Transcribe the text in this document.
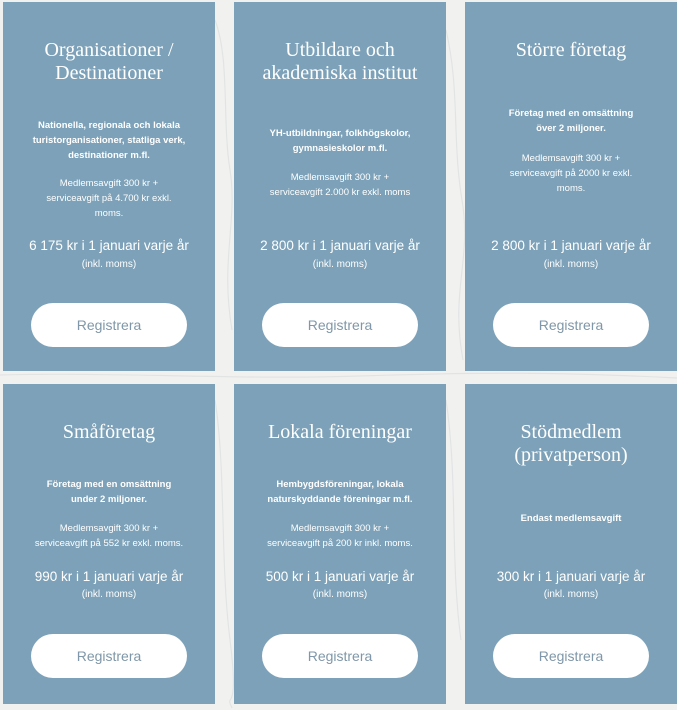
Organisationer /
Destinationer
Nationella, regionala och lokala
turistorganisationer, statliga verk,
destinationer m.fl.
Medlemsavgift 300 kr +
serviceavgift på 4.700 kr exkl.
moms.
6 175 kr i 1 januari varje år
(inkl. moms)
Registrera
Utbildare och
akademiska institut
YH-utbildningar, folkhögskolor,
gymnasieskolor m.fl.
Medlemsavgift 300 kr +
serviceavgift 2.000 kr exkl. moms
2 800 kr i 1 januari varje år
(inkl. moms)
Registrera
Större företag
Företag med en omsättning
över 2 miljoner.
Medlemsavgift 300 kr +
serviceavgift på 2000 kr exkl.
moms.
2 800 kr i 1 januari varje år
(inkl. moms)
Registrera
Småföretag
Företag med en omsättning
under 2 miljoner.
Medlemsavgift 300 kr +
serviceavgift på 552 kr exkl. moms.
990 kr i 1 januari varje år
(inkl. moms)
Registrera
Lokala föreningar
Hembygdsföreningar, lokala
naturskyddande föreningar m.fl.
Medlemsavgift 300 kr +
serviceavgift på 200 kr inkl. moms.
500 kr i 1 januari varje år
(inkl. moms)
Registrera
Stödmedlem
(privatperson)
Endast medlemsavgift
300 kr i 1 januari varje år
(inkl. moms)
Registrera
